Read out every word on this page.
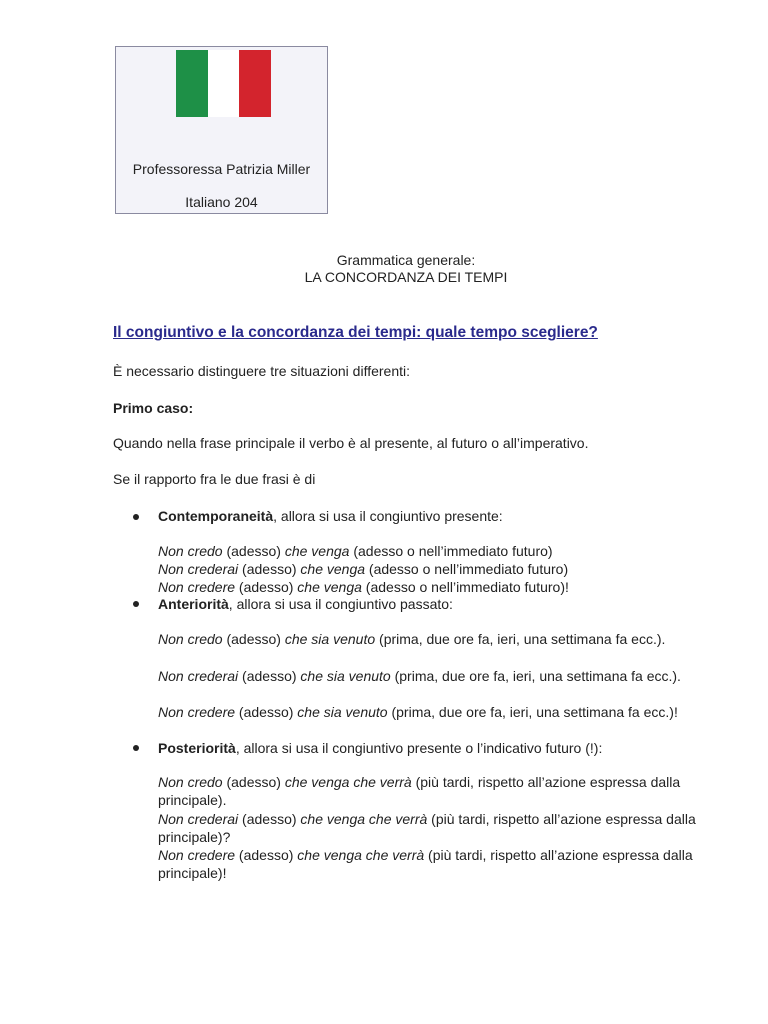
Professoressa Patrizia Miller
Italiano 204
Grammatica generale:
LA CONCORDANZA DEI TEMPI
Il congiuntivo e la concordanza dei tempi: quale tempo scegliere?
È necessario distinguere tre situazioni differenti:
Primo caso:
Quando nella frase principale il verbo è al presente, al futuro o all’imperativo.
Se il rapporto fra le due frasi è di
Contemporaneità, allora si usa il congiuntivo presente:
Non credo (adesso) che venga (adesso o nell’immediato futuro)
Non crederai (adesso) che venga (adesso o nell’immediato futuro)
Non credere (adesso) che venga (adesso o nell’immediato futuro)!
Anteriorità, allora si usa il congiuntivo passato:
Non credo (adesso) che sia venuto (prima, due ore fa, ieri, una settimana fa ecc.).
Non crederai (adesso) che sia venuto (prima, due ore fa, ieri, una settimana fa ecc.).
Non credere (adesso) che sia venuto (prima, due ore fa, ieri, una settimana fa ecc.)!
Posteriorità, allora si usa il congiuntivo presente o l’indicativo futuro (!):
Non credo (adesso) che venga che verrà (più tardi, rispetto all’azione espressa dalla principale).
Non crederai (adesso) che venga che verrà (più tardi, rispetto all’azione espressa dalla principale)?
Non credere (adesso) che venga che verrà (più tardi, rispetto all’azione espressa dalla principale)!
